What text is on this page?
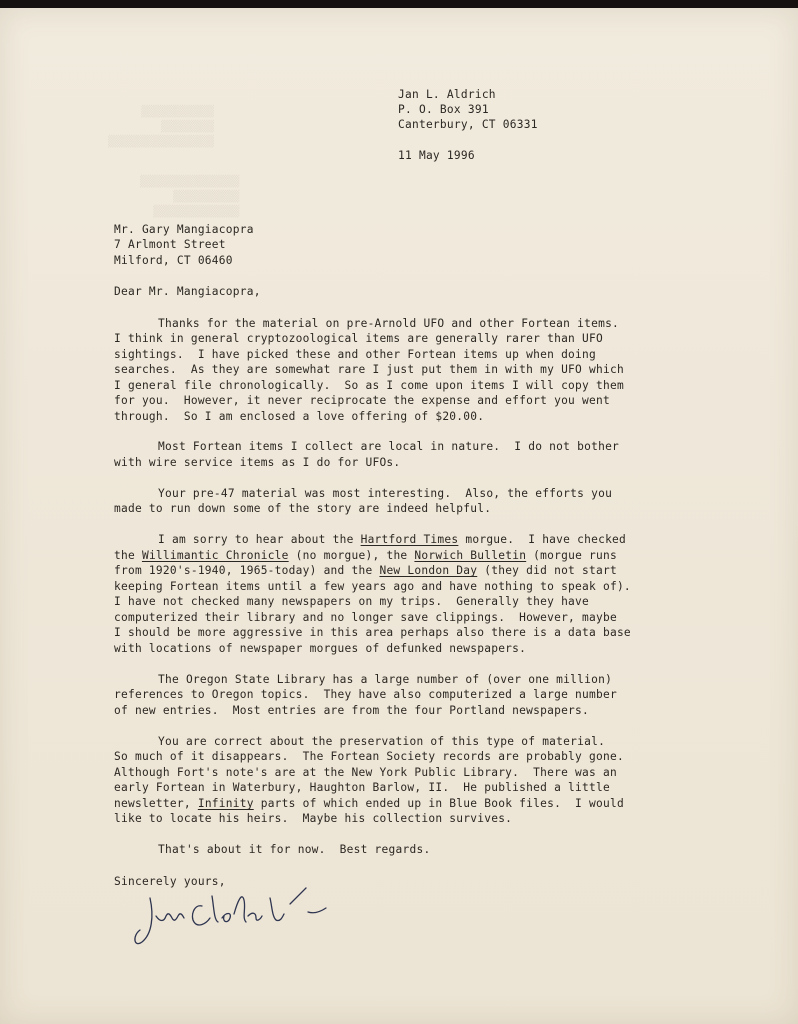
▒▒▒▒▒▒▒▒▒▒▒
▒▒▒▒▒▒▒▒
▒▒▒▒▒▒▒▒▒▒▒▒▒▒▒▒
▒▒▒▒▒▒▒▒▒▒▒▒▒▒▒
▒▒▒▒▒▒▒▒▒▒
▒▒▒▒▒▒▒▒▒▒▒▒▒
Jan L. Aldrich
P. O. Box 391
Canterbury, CT 06331
11 May 1996
Mr. Gary Mangiacopra
7 Arlmont Street
Milford, CT 06460
Dear Mr. Mangiacopra,
Thanks for the material on pre-Arnold UFO and other Fortean items.
I think in general cryptozoological items are generally rarer than UFO
sightings.  I have picked these and other Fortean items up when doing
searches.  As they are somewhat rare I just put them in with my UFO which
I general file chronologically.  So as I come upon items I will copy them
for you.  However, it never reciprocate the expense and effort you went
through.  So I am enclosed a love offering of $20.00.
Most Fortean items I collect are local in nature.  I do not bother
with wire service items as I do for UFOs.
Your pre-47 material was most interesting.  Also, the efforts you
made to run down some of the story are indeed helpful.
I am sorry to hear about the Hartford Times morgue.  I have checked
the Willimantic Chronicle (no morgue), the Norwich Bulletin (morgue runs
from 1920's-1940, 1965-today) and the New London Day (they did not start
keeping Fortean items until a few years ago and have nothing to speak of).
I have not checked many newspapers on my trips.  Generally they have
computerized their library and no longer save clippings.  However, maybe
I should be more aggressive in this area perhaps also there is a data base
with locations of newspaper morgues of defunked newspapers.
The Oregon State Library has a large number of (over one million)
references to Oregon topics.  They have also computerized a large number
of new entries.  Most entries are from the four Portland newspapers.
You are correct about the preservation of this type of material.
So much of it disappears.  The Fortean Society records are probably gone.
Although Fort's note's are at the New York Public Library.  There was an
early Fortean in Waterbury, Haughton Barlow, II.  He published a little
newsletter, Infinity parts of which ended up in Blue Book files.  I would
like to locate his heirs.  Maybe his collection survives.
That's about it for now.  Best regards.
Sincerely yours,
